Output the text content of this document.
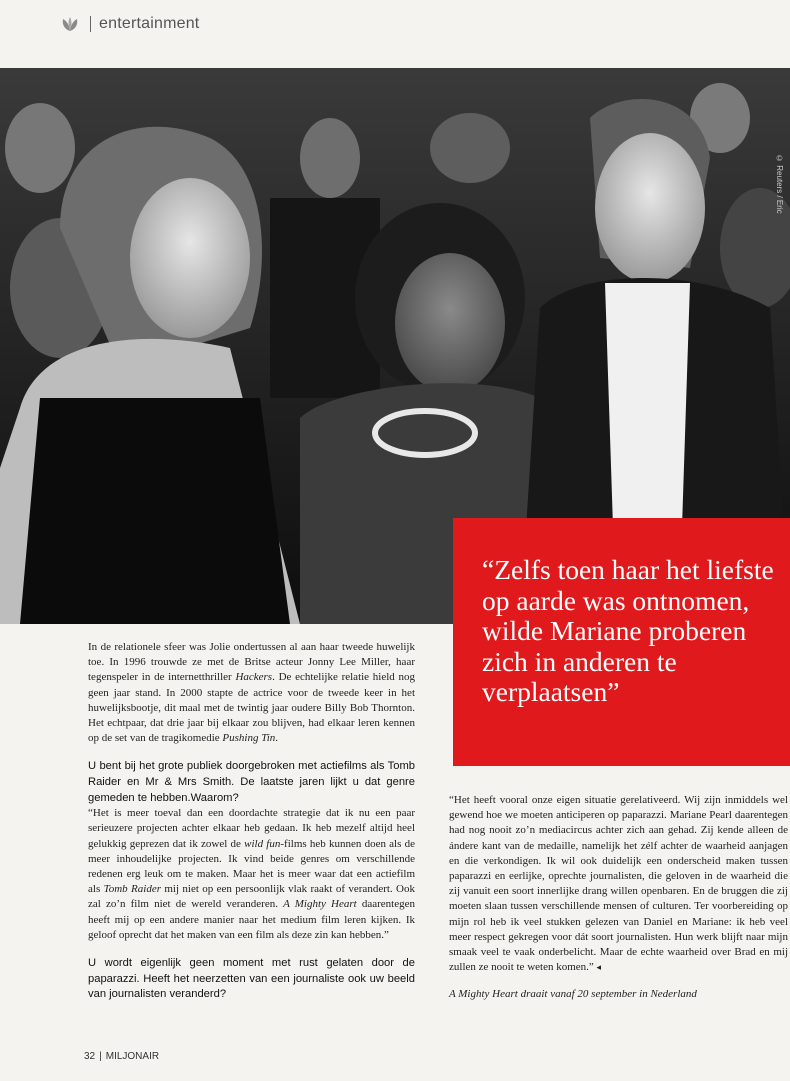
entertainment
© Reuters / Eric

“Zelfs toen haar het liefste op aarde was ontnomen, wilde Mariane proberen zich in anderen te verplaatsen”

In de relationele sfeer was Jolie ondertussen al aan haar tweede huwelijk toe. In 1996 trouwde ze met de Britse acteur Jonny Lee Miller, haar tegenspeler in de internetthriller Hackers. De echtelijke relatie hield nog geen jaar stand. In 2000 stapte de actrice voor de tweede keer in het huwelijksbootje, dit maal met de twintig jaar oudere Billy Bob Thornton. Het echtpaar, dat drie jaar bij elkaar zou blijven, had elkaar leren kennen op de set van de tragikomedie Pushing Tin.

U bent bij het grote publiek doorgebroken met actiefilms als Tomb Raider en Mr & Mrs Smith. De laatste jaren lijkt u dat genre gemeden te hebben.Waarom?

“Het is meer toeval dan een doordachte strategie dat ik nu een paar serieuzere projecten achter elkaar heb gedaan. Ik heb mezelf altijd heel gelukkig geprezen dat ik zowel de wild fun-films heb kunnen doen als de meer inhoudelijke projecten. Ik vind beide genres om verschillende redenen erg leuk om te maken. Maar het is meer waar dat een actiefilm als Tomb Raider mij niet op een persoonlijk vlak raakt of verandert. Ook zal zo’n film niet de wereld veranderen. A Mighty Heart daarentegen heeft mij op een andere manier naar het medium film leren kijken. Ik geloof oprecht dat het maken van een film als deze zin kan hebben.”

U wordt eigenlijk geen moment met rust gelaten door de paparazzi. Heeft het neerzetten van een journaliste ook uw beeld van journalisten veranderd?

“Het heeft vooral onze eigen situatie gerelativeerd. Wij zijn inmiddels wel gewend hoe we moeten anticiperen op paparazzi. Mariane Pearl daarentegen had nog nooit zo’n mediacircus achter zich aan gehad. Zij kende alleen de ándere kant van de medaille, namelijk het zélf achter de waarheid aanjagen en die verkondigen. Ik wil ook duidelijk een onderscheid maken tussen paparazzi en eerlijke, oprechte journalisten, die geloven in de waarheid die zij vanuit een soort innerlijke drang willen openbaren. En de bruggen die zij moeten slaan tussen verschillende mensen of culturen. Ter voorbereiding op mijn rol heb ik veel stukken gelezen van Daniel en Mariane: ik heb veel meer respect gekregen voor dát soort journalisten. Hun werk blijft naar mijn smaak veel te vaak onderbelicht. Maar de echte waarheid over Brad en mij zullen ze nooit te weten komen.” ◂

A Mighty Heart draait vanaf 20 september in Nederland

32 | MILJONAIR
